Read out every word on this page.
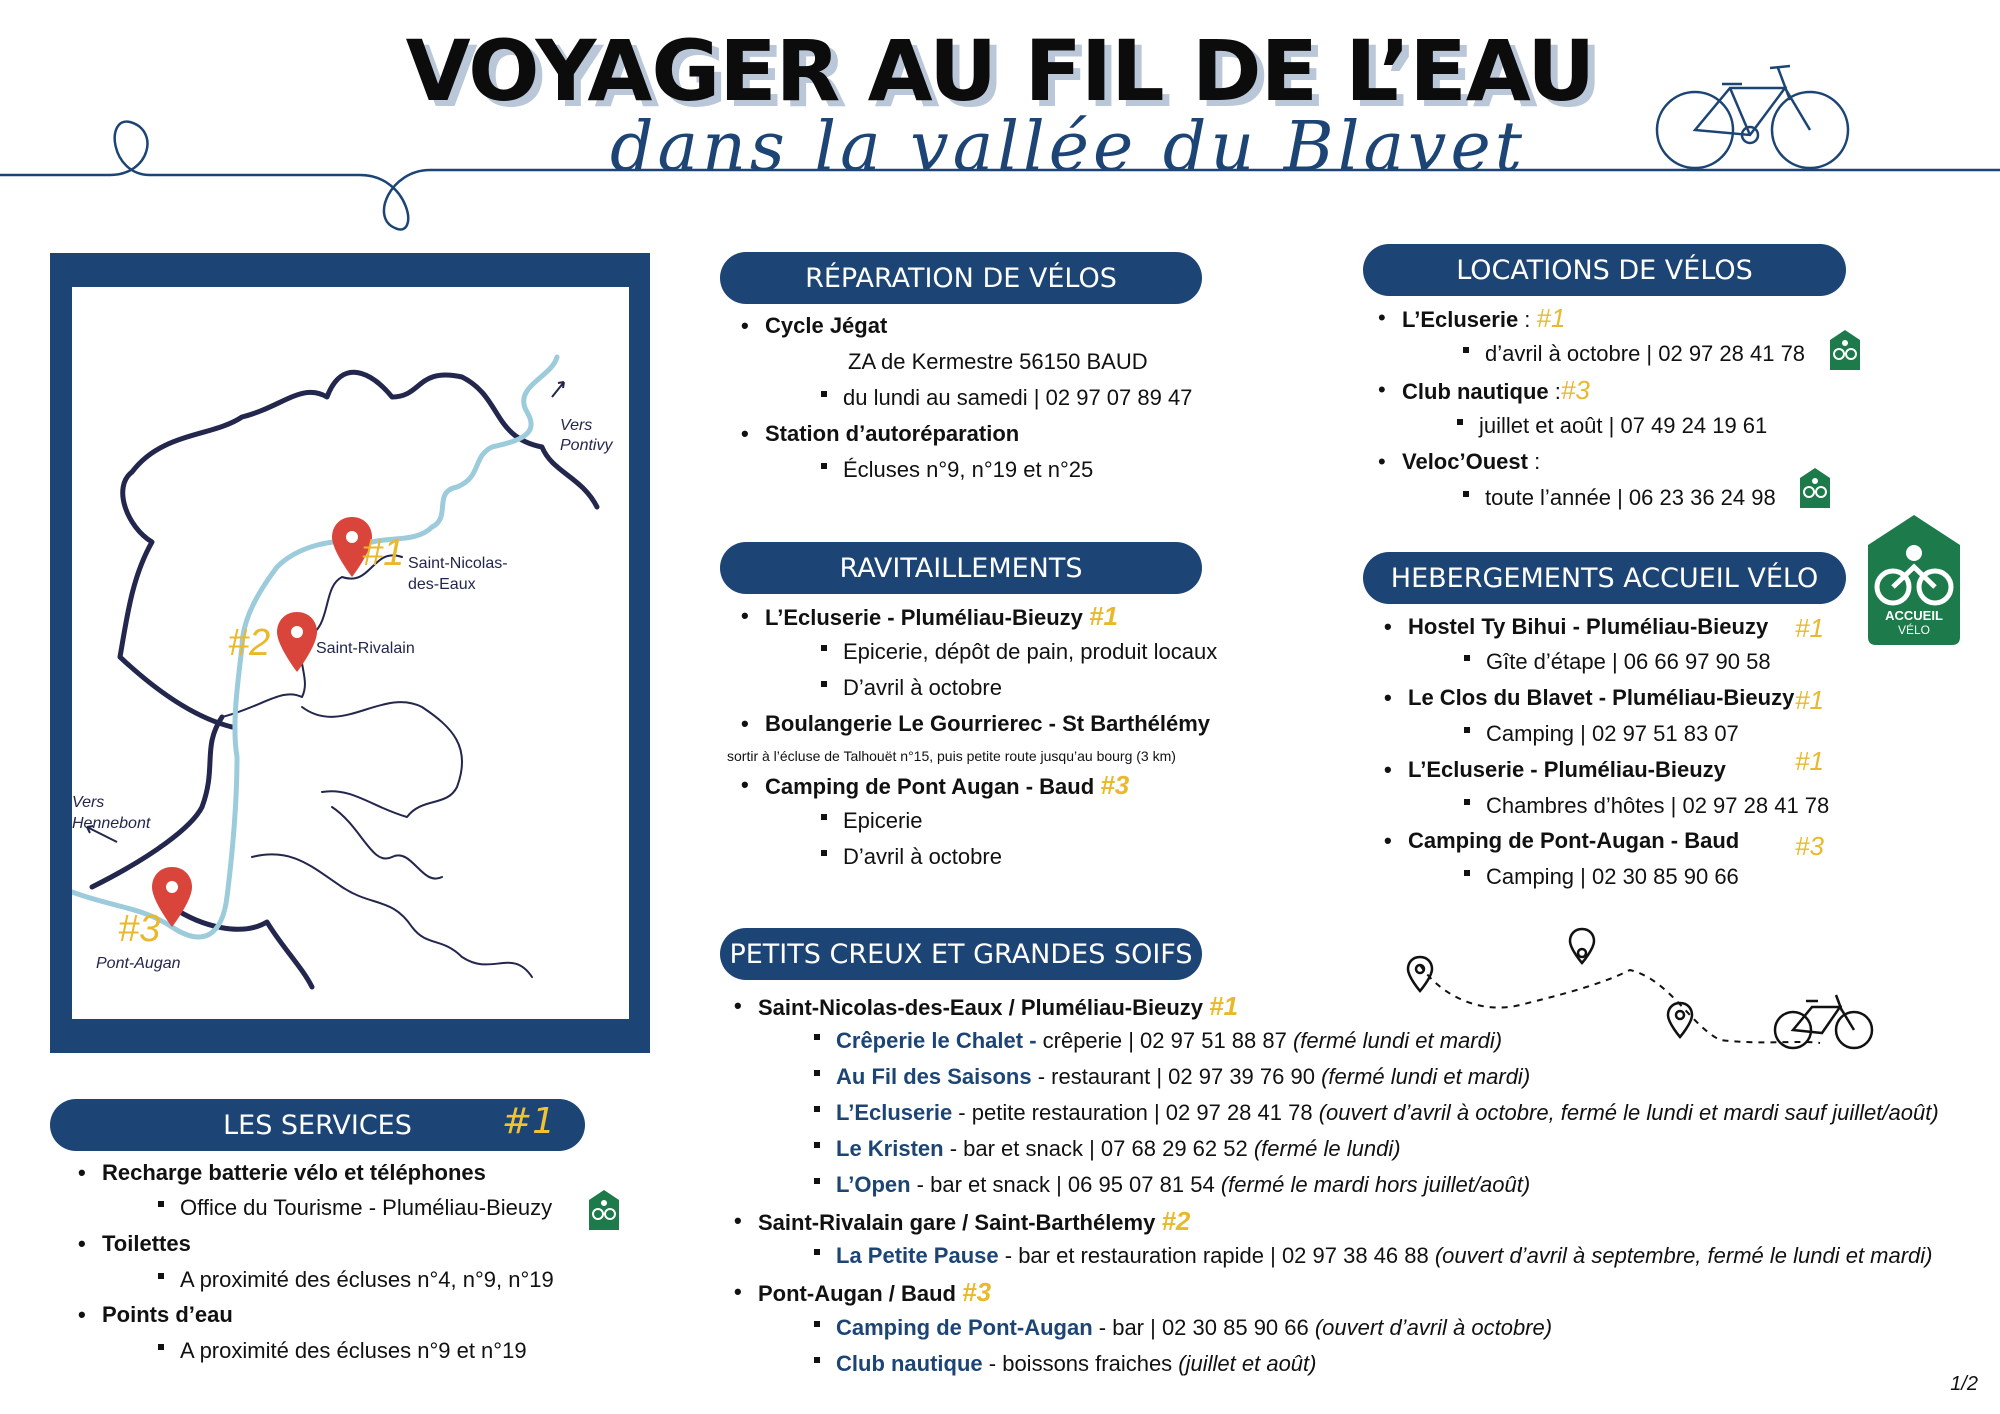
VOYAGER AU FIL DE L’EAU
dans la vallée du Blavet
Vers
Pontivy
Saint-Nicolas-
des-Eaux
Saint-Rivalain
Vers
Hennebont
Pont-Augan
#1
#2
#3
LES SERVICES	#1
• Recharge batterie vélo et téléphones
Office du Tourisme - Pluméliau-Bieuzy
• Toilettes
A proximité des écluses n°4, n°9, n°19
• Points d’eau
A proximité des écluses n°9 et n°19
RÉPARATION DE VÉLOS
• Cycle Jégat
ZA de Kermestre 56150 BAUD
du lundi au samedi | 02 97 07 89 47
• Station d’autoréparation
Écluses n°9, n°19 et n°25
RAVITAILLEMENTS
• L’Ecluserie - Pluméliau-Bieuzy #1
Epicerie, dépôt de pain, produit locaux
D’avril à octobre
• Boulangerie Le Gourrierec - St Barthélémy
sortir à l’écluse de Talhouët n°15, puis petite route jusqu’au bourg (3 km)
• Camping de Pont Augan - Baud #3
Epicerie
D’avril à octobre
PETITS CREUX ET GRANDES SOIFS
• Saint-Nicolas-des-Eaux / Pluméliau-Bieuzy #1
Crêperie le Chalet - crêperie | 02 97 51 88 87 (fermé lundi et mardi)
Au Fil des Saisons - restaurant | 02 97 39 76 90 (fermé lundi et mardi)
L’Ecluserie - petite restauration | 02 97 28 41 78 (ouvert d’avril à octobre, fermé le lundi et mardi sauf juillet/août)
Le Kristen - bar et snack | 07 68 29 62 52 (fermé le lundi)
L’Open - bar et snack | 06 95 07 81 54 (fermé le mardi hors juillet/août)
• Saint-Rivalain gare / Saint-Barthélemy #2
La Petite Pause - bar et restauration rapide | 02 97 38 46 88 (ouvert d’avril à septembre, fermé le lundi et mardi)
• Pont-Augan / Baud #3
Camping de Pont-Augan - bar | 02 30 85 90 66 (ouvert d’avril à octobre)
Club nautique - boissons fraiches (juillet et août)
LOCATIONS DE VÉLOS
• L’Ecluserie : #1
d’avril à octobre | 02 97 28 41 78
• Club nautique :#3
juillet et août | 07 49 24 19 61
• Veloc’Ouest :
toute l’année | 06 23 36 24 98
ACCUEIL
VÉLO
HEBERGEMENTS ACCUEIL VÉLO
• Hostel Ty Bihui - Pluméliau-Bieuzy #1
Gîte d’étape | 06 66 97 90 58
• Le Clos du Blavet - Pluméliau-Bieuzy #1
Camping | 02 97 51 83 07
• L’Ecluserie - Pluméliau-Bieuzy	#1
Chambres d’hôtes | 02 97 28 41 78
• Camping de Pont-Augan - Baud #3
Camping | 02 30 85 90 66
1/2
